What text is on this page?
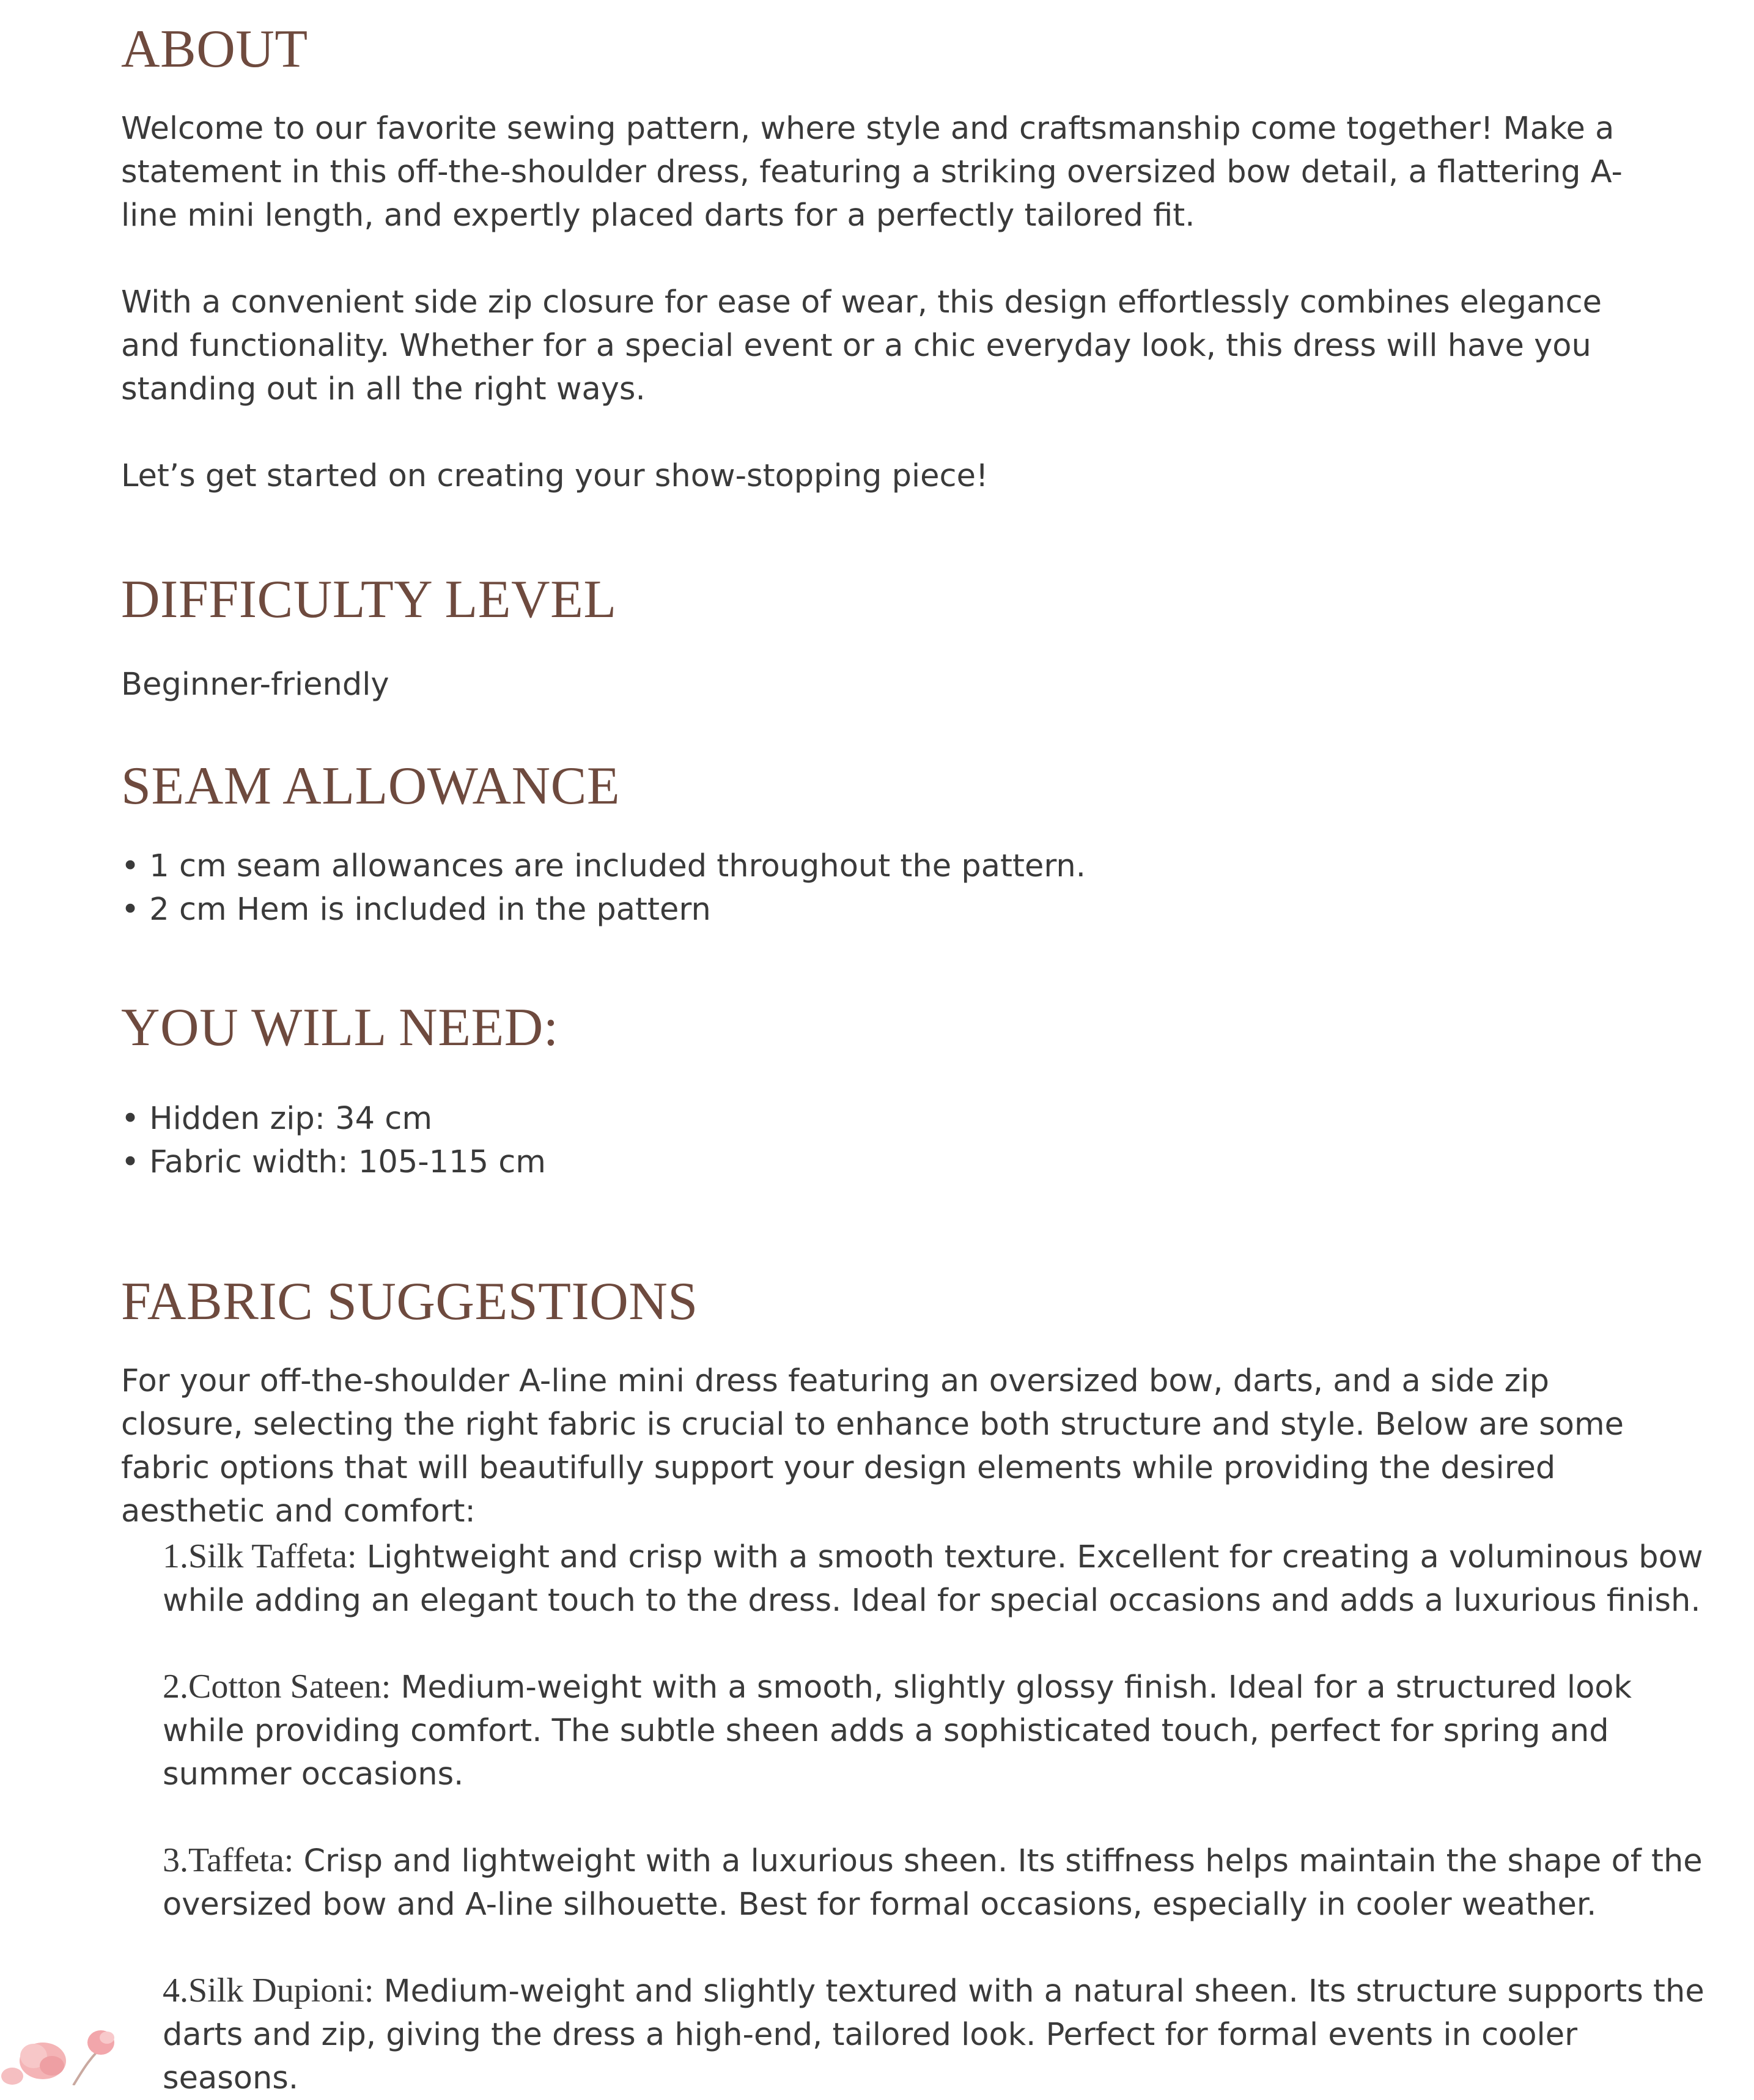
ABOUT

Welcome to our favorite sewing pattern, where style and craftsmanship come together! Make a statement in this off-the-shoulder dress, featuring a striking oversized bow detail, a flattering A-line mini length, and expertly placed darts for a perfectly tailored fit.

With a convenient side zip closure for ease of wear, this design effortlessly combines elegance and functionality. Whether for a special event or a chic everyday look, this dress will have you standing out in all the right ways.

Let’s get started on creating your show-stopping piece!

DIFFICULTY LEVEL

Beginner-friendly

SEAM ALLOWANCE
• 1 cm seam allowances are included throughout the pattern.
• 2 cm Hem is included in the pattern
YOU WILL NEED:
• Hidden zip: 34 cm
• Fabric width: 105-115 cm
FABRIC SUGGESTIONS

For your off-the-shoulder A-line mini dress featuring an oversized bow, darts, and a side zip closure, selecting the right fabric is crucial to enhance both structure and style. Below are some fabric options that will beautifully support your design elements while providing the desired aesthetic and comfort:

1.Silk Taffeta: Lightweight and crisp with a smooth texture. Excellent for creating a voluminous bow while adding an elegant touch to the dress. Ideal for special occasions and adds a luxurious finish.
2.Cotton Sateen: Medium-weight with a smooth, slightly glossy finish. Ideal for a structured look while providing comfort. The subtle sheen adds a sophisticated touch, perfect for spring and summer occasions.
3.Taffeta: Crisp and lightweight with a luxurious sheen. Its stiffness helps maintain the shape of the oversized bow and A-line silhouette. Best for formal occasions, especially in cooler weather.
4.Silk Dupioni: Medium-weight and slightly textured with a natural sheen. Its structure supports the darts and zip, giving the dress a high-end, tailored look. Perfect for formal events in cooler seasons.
